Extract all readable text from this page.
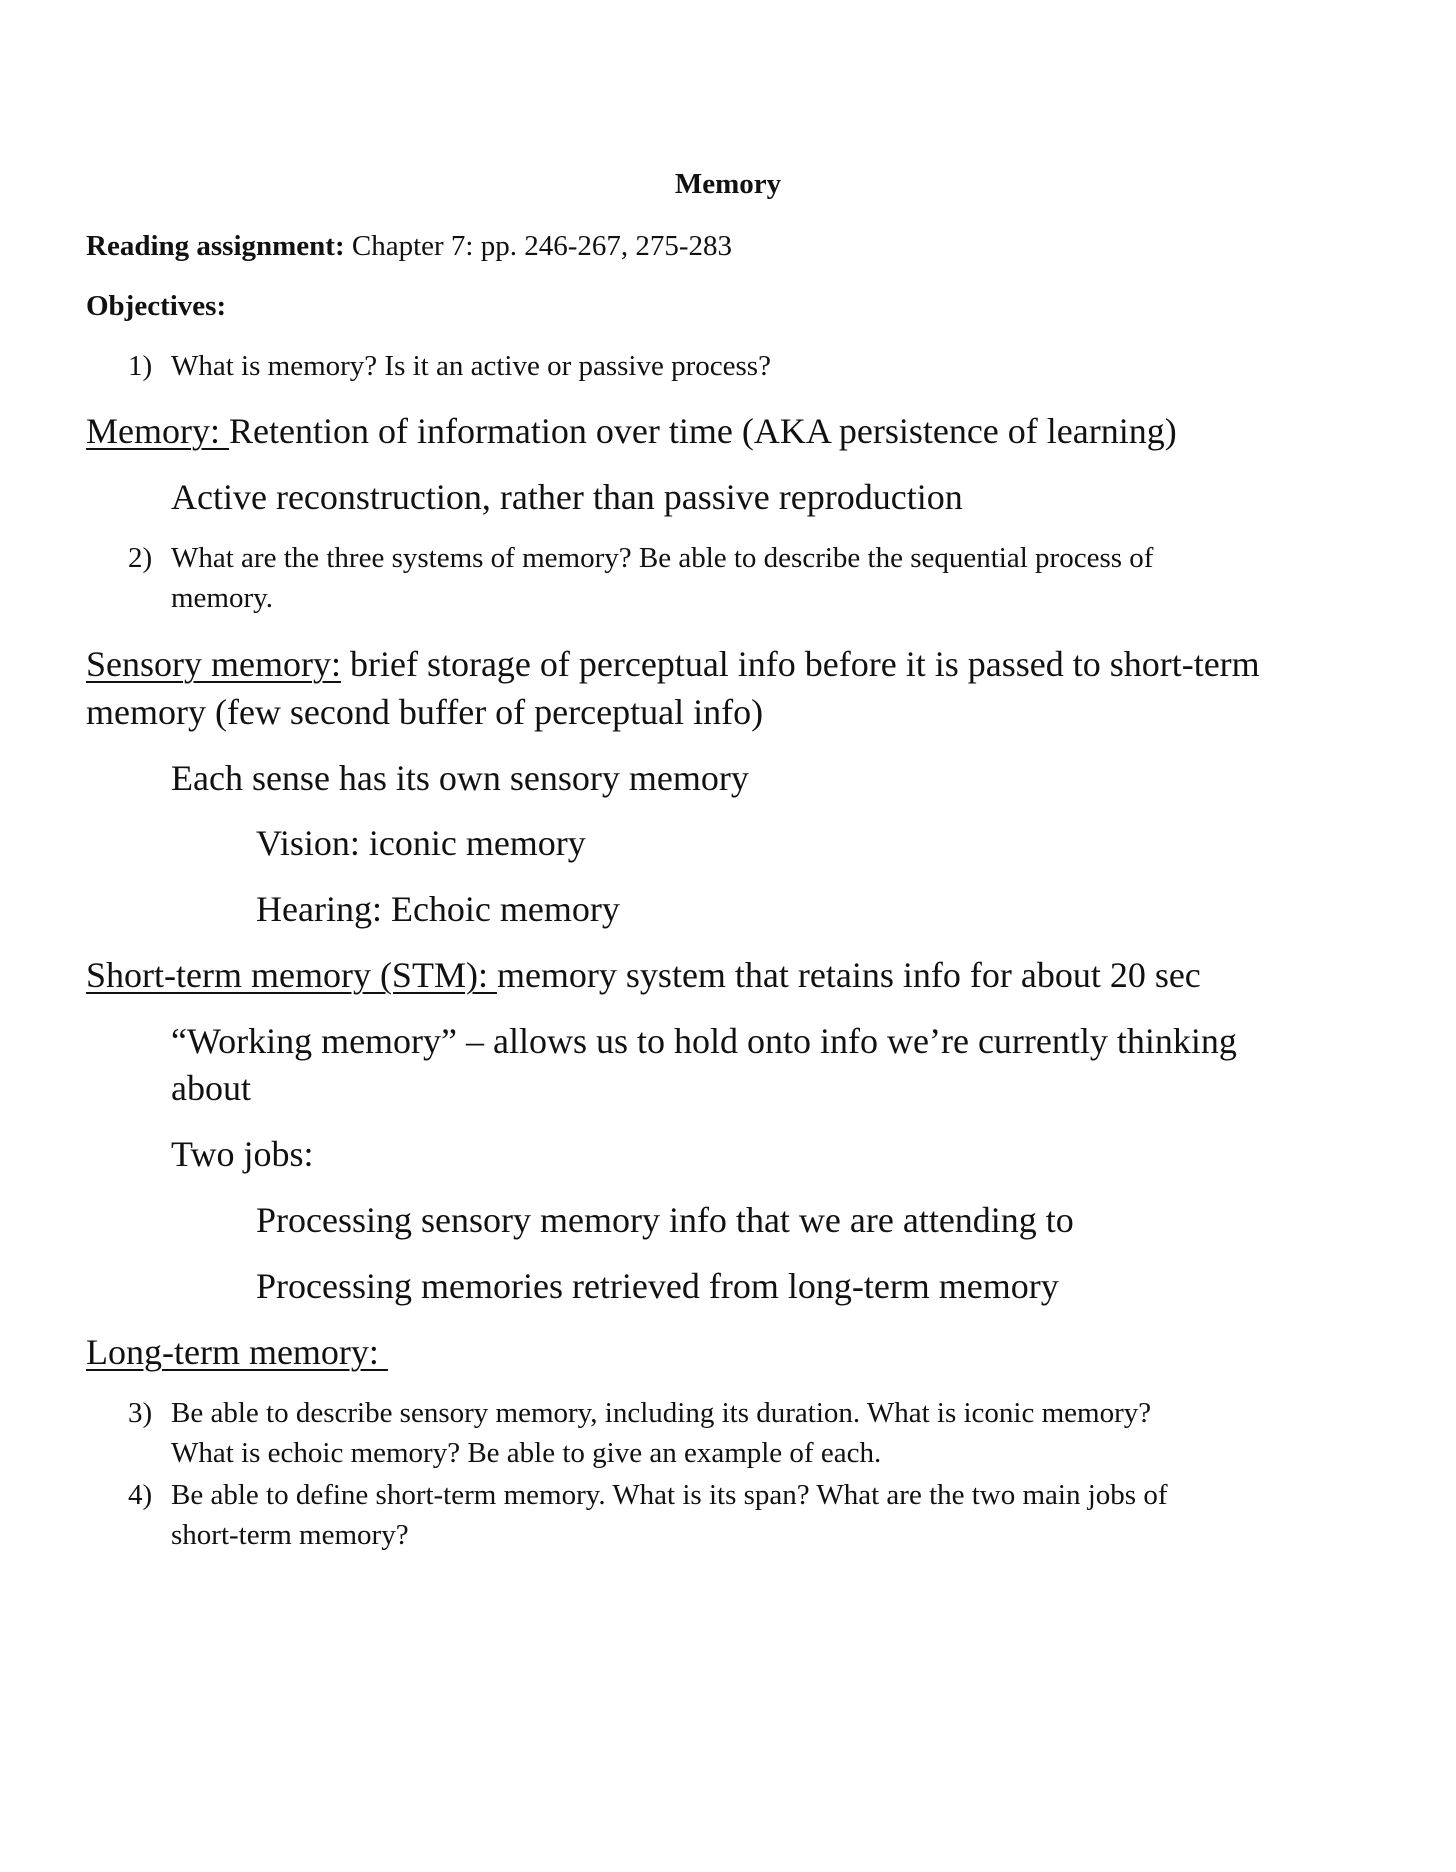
Memory
Reading assignment: Chapter 7: pp. 246-267, 275-283
Objectives:
1) What is memory? Is it an active or passive process?
Memory: Retention of information over time (AKA persistence of learning)
Active reconstruction, rather than passive reproduction
2) What are the three systems of memory? Be able to describe the sequential process of
memory.
Sensory memory: brief storage of perceptual info before it is passed to short-term
memory (few second buffer of perceptual info)
Each sense has its own sensory memory
Vision: iconic memory
Hearing: Echoic memory
Short-term memory (STM): memory system that retains info for about 20 sec
“Working memory” – allows us to hold onto info we’re currently thinking
about
Two jobs:
Processing sensory memory info that we are attending to
Processing memories retrieved from long-term memory
Long-term memory:
3) Be able to describe sensory memory, including its duration. What is iconic memory?
What is echoic memory? Be able to give an example of each.
4) Be able to define short-term memory. What is its span? What are the two main jobs of
short-term memory?
